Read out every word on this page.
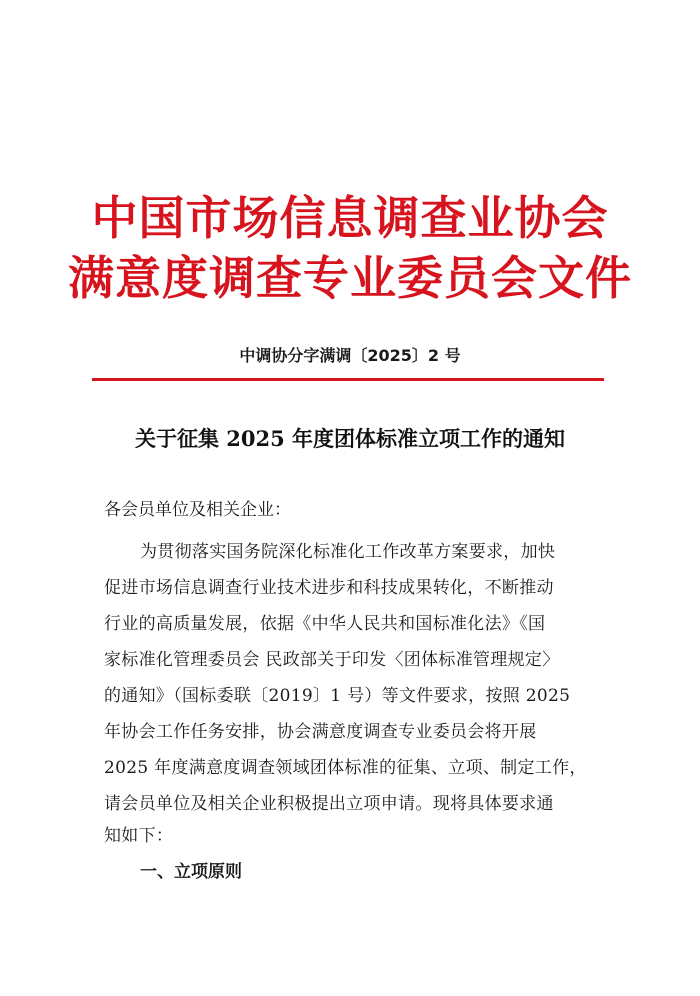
中国市场信息调查业协会
满意度调查专业委员会文件
中调协分字满调〔2025〕2 号
关于征集 2025 年度团体标准立项工作的通知
各会员单位及相关企业：
为贯彻落实国务院深化标准化工作改革方案要求，加快
促进市场信息调查行业技术进步和科技成果转化，不断推动
行业的高质量发展，依据《中华人民共和国标准化法》《国
家标准化管理委员会 民政部关于印发〈团体标准管理规定〉
的通知》（国标委联〔2019〕1 号）等文件要求，按照 2025
年协会工作任务安排，协会满意度调查专业委员会将开展
2025 年度满意度调查领域团体标准的征集、立项、制定工作，
请会员单位及相关企业积极提出立项申请。现将具体要求通
知如下：
一、立项原则
